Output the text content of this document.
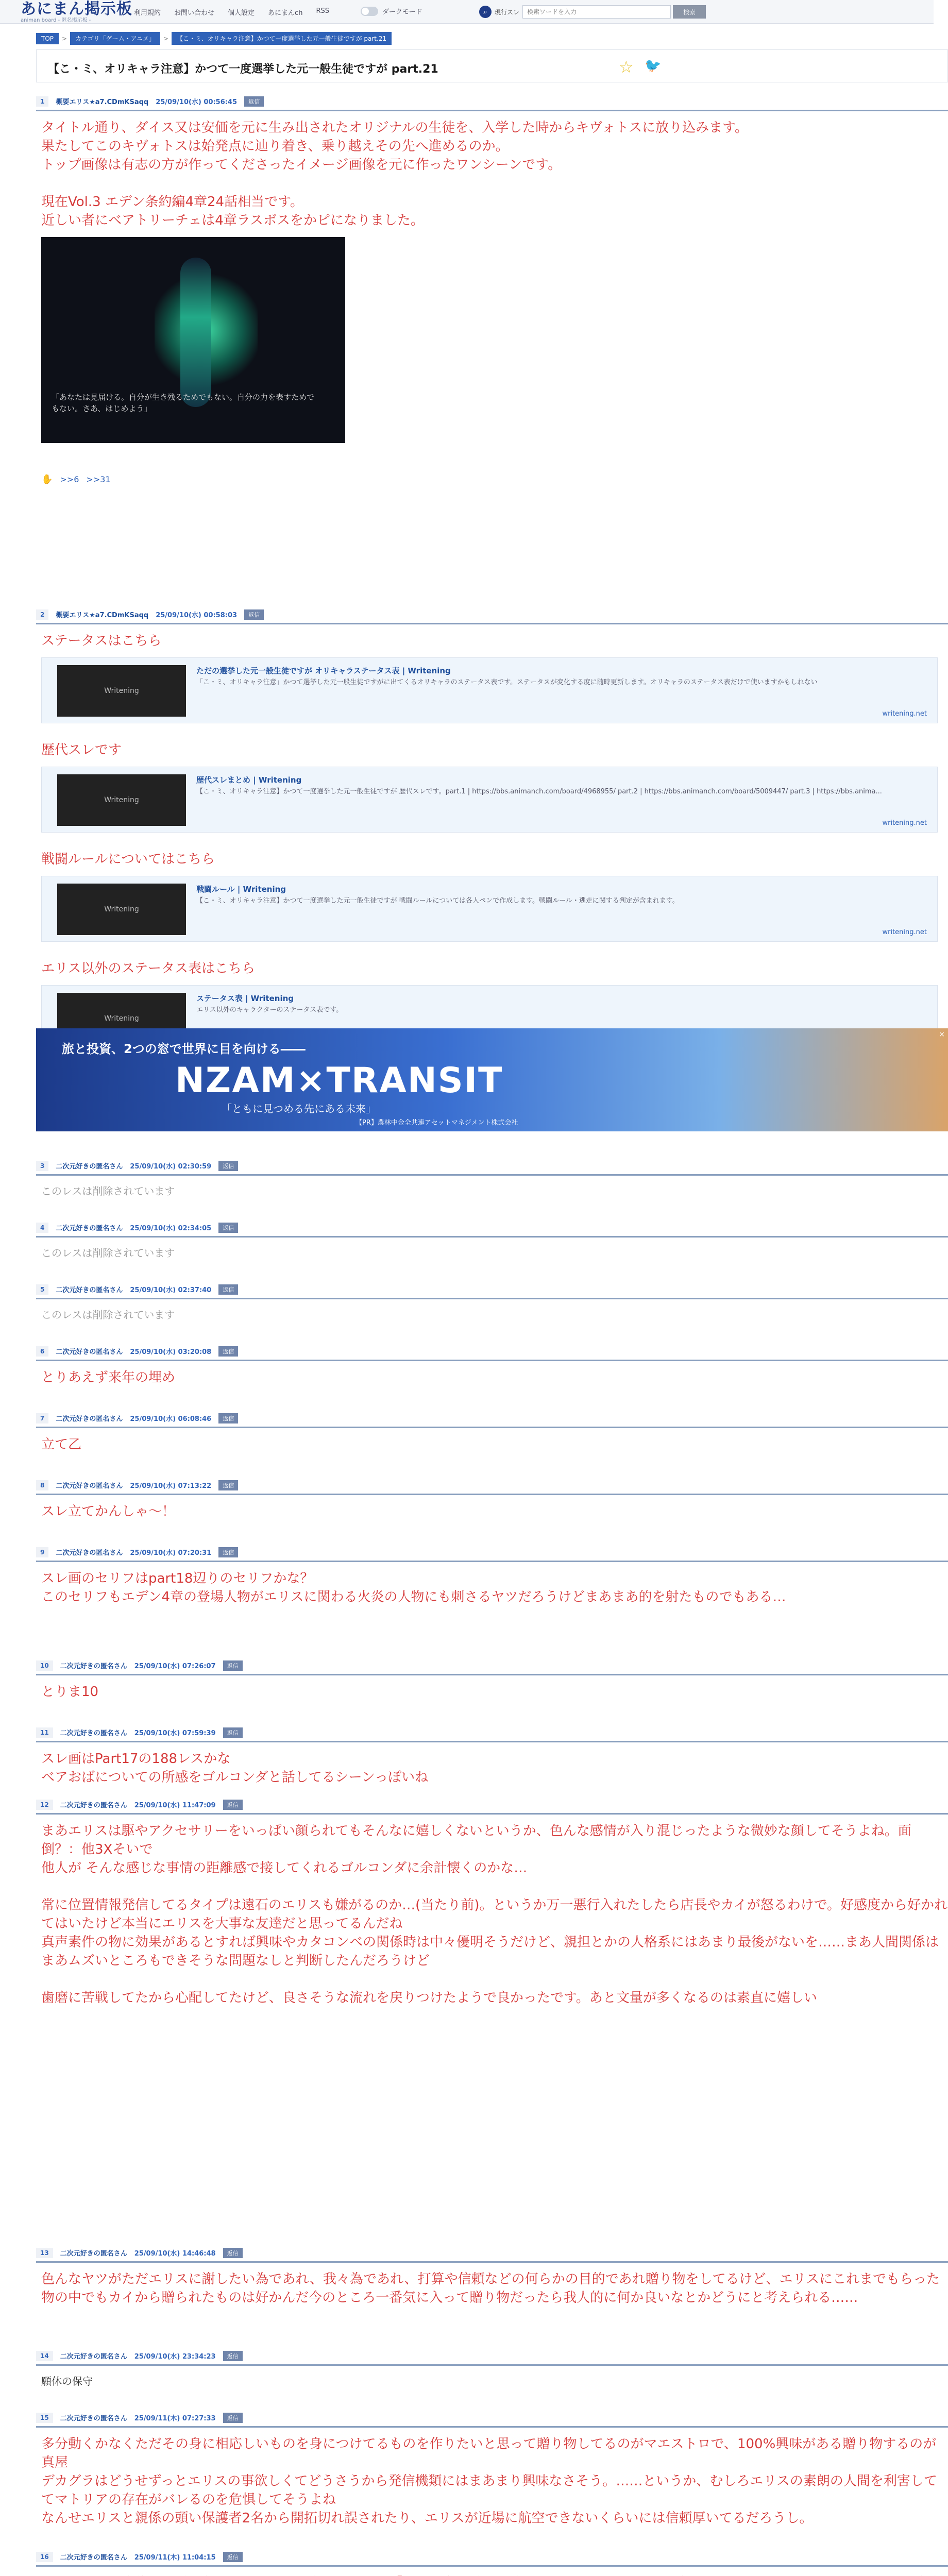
あにまん掲示板
animan board - 匿名掲示板 -
利用規約 お問い合わせ 個人設定 あにまんch RSS	ダークモード	⌕	現行スレ
検索ワードを入力	検索
TOP	>	カテゴリ「ゲーム・アニメ」	>	【こ・ミ、オリキャラ注意】かつて一度選挙した元一般生徒ですが part.21
【こ・ミ、オリキャラ注意】かつて一度選挙した元一般生徒ですが part.21	☆ 🐦
1	概要エリス★a7.CDmKSaqq 25/09/10(水) 00:56:45	返信

タイトル通り、ダイス又は安価を元に生み出されたオリジナルの生徒を、入学した時からキヴォトスに放り込みます。

果たしてこのキヴォトスは始発点に辿り着き、乗り越えその先へ進めるのか。

トップ画像は有志の方が作ってくださったイメージ画像を元に作ったワンシーンです。

現在Vol.3 エデン条約編4章24話相当です。

近しい者にベアトリーチェは4章ラスボスをかピになりました。

「あなたは見届ける。自分が生き残るためでもない。自分の力を表すためでもない。さあ、はじめよう」
✋ >>6 >>31
2	概要エリス★a7.CDmKSaqq 25/09/10(水) 00:58:03	返信

ステータスはこちら

Writening
ただの選挙した元一般生徒ですが オリキャラステータス表 | Writening
「こ・ミ、オリキャラ注意」かつて選挙した元一般生徒ですがに出てくるオリキャラのステータス表です。ステータスが変化する度に随時更新します。オリキャラのステータス表だけで使いますかもしれない
writening.net

歴代スレです

Writening
歴代スレまとめ | Writening
【こ・ミ、オリキャラ注意】かつて一度選挙した元一般生徒ですが 歴代スレです。part.1 | https://bbs.animanch.com/board/4968955/ part.2 | https://bbs.animanch.com/board/5009447/ part.3 | https://bbs.anima...
writening.net

戦闘ルールについてはこちら

Writening
戦闘ルール | Writening
【こ・ミ、オリキャラ注意】かつて一度選挙した元一般生徒ですが 戦闘ルールについては各人ペンで作成します。戦闘ルール・逃走に関する判定が含まれます。
writening.net

エリス以外のステータス表はこちら

Writening
ステータス表 | Writening
エリス以外のキャラクターのステータス表です。
旅と投資、2つの窓で世界に目を向ける――
NZAM×TRANSIT
「ともに見つめる先にある未来」
【PR】農林中金全共連アセットマネジメント株式会社
×
3	二次元好きの匿名さん 25/09/10(水) 02:30:59	返信

このレスは削除されています

4	二次元好きの匿名さん 25/09/10(水) 02:34:05	返信

このレスは削除されています

5	二次元好きの匿名さん 25/09/10(水) 02:37:40	返信

このレスは削除されています

6	二次元好きの匿名さん 25/09/10(水) 03:20:08	返信

とりあえず来年の埋め

7	二次元好きの匿名さん 25/09/10(水) 06:08:46	返信

立て乙

8	二次元好きの匿名さん 25/09/10(水) 07:13:22	返信

スレ立てかんしゃ～！

9	二次元好きの匿名さん 25/09/10(水) 07:20:31	返信

スレ画のセリフはpart18辺りのセリフかな？

このセリフもエデン4章の登場人物がエリスに関わる火炎の人物にも刺さるヤツだろうけどまあまあ的を射たものでもある…

10	二次元好きの匿名さん 25/09/10(水) 07:26:07	返信

とりま10

11	二次元好きの匿名さん 25/09/10(水) 07:59:39	返信

スレ画はPart17の188レスかな

ベアおばについての所感をゴルコンダと話してるシーンっぽいね

12	二次元好きの匿名さん 25/09/10(水) 11:47:09	返信

まあエリスは駆やアクセサリーをいっぱい顔られてもそんなに嬉しくないというか、色んな感情が入り混じったような微妙な顔してそうよね。面倒？：他3Xそいで

他人が そんな感じな事情の距離感で接してくれるゴルコンダに余計懐くのかな…

常に位置情報発信してるタイプは遠石のエリスも嫌がるのか…(当たり前)。というか万一悪行入れたしたら店長やカイが怒るわけで。好感度から好かれてはいたけど本当にエリスを大事な友達だと思ってるんだね

真声素件の物に効果があるとすれば興味やカタコンベの関係時は中々優明そうだけど、親担とかの人格系にはあまり最後がないを……まあ人間関係はまあムズいところもできそうな問題なしと判断したんだろうけど

歯磨に苦戦してたから心配してたけど、良さそうな流れを戻りつけたようで良かったです。あと文量が多くなるのは素直に嬉しい

13	二次元好きの匿名さん 25/09/10(水) 14:46:48	返信

色んなヤツがただエリスに謝したい為であれ、我々為であれ、打算や信頼などの何らかの目的であれ贈り物をしてるけど、エリスにこれまでもらった物の中でもカイから贈られたものは好かんだ今のところ一番気に入って贈り物だったら我人的に何か良いなとかどうにと考えられる……

14	二次元好きの匿名さん 25/09/10(水) 23:34:23	返信

願休の保守

15	二次元好きの匿名さん 25/09/11(木) 07:27:33	返信

多分動くかなくただその身に相応しいものを身につけてるものを作りたいと思って贈り物してるのがマエストロで、100%興味がある贈り物するのが真屋

デカグラはどうせずっとエリスの事欲しくてどうさうから発信機類にはまあまり興味なさそう。……というか、むしろエリスの素朗の人間を利害しててマトリアの存在がバレるのを危惧してそうよね

なんせエリスと親係の頭い保護者2名から開拓切れ誤されたり、エリスが近場に航空できないくらいには信頼厚いてるだろうし。

16	二次元好きの匿名さん 25/09/11(木) 11:04:15	返信
